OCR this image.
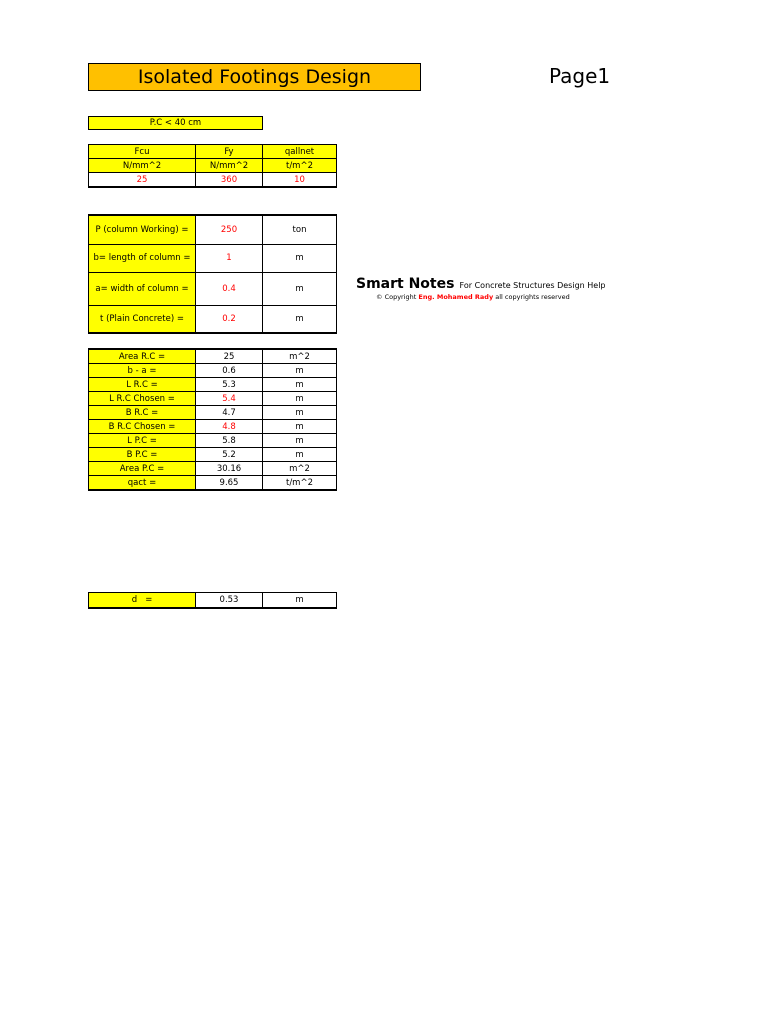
Isolated Footings Design	Page1
P.C < 40 cm
Fcu	Fy	qallnet
N/mm^2	N/mm^2	t/m^2
25	360	10
P (column Working) =	250	ton
b= length of column =	1	m
a= width of column =	0.4	m
t (Plain Concrete) =	0.2	m
Smart Notes For Concrete Structures Design Help
© Copyright Eng. Mohamed Rady all copyrights reserved
Area R.C =	25	m^2
b - a =	0.6	m
L R.C =	5.3	m
L R.C Chosen =	5.4	m
B R.C =	4.7	m
B R.C Chosen =	4.8	m
L P.C =	5.8	m
B P.C =	5.2	m
Area P.C =	30.16	m^2
qact =	9.65	t/m^2
d   =	0.53	m
